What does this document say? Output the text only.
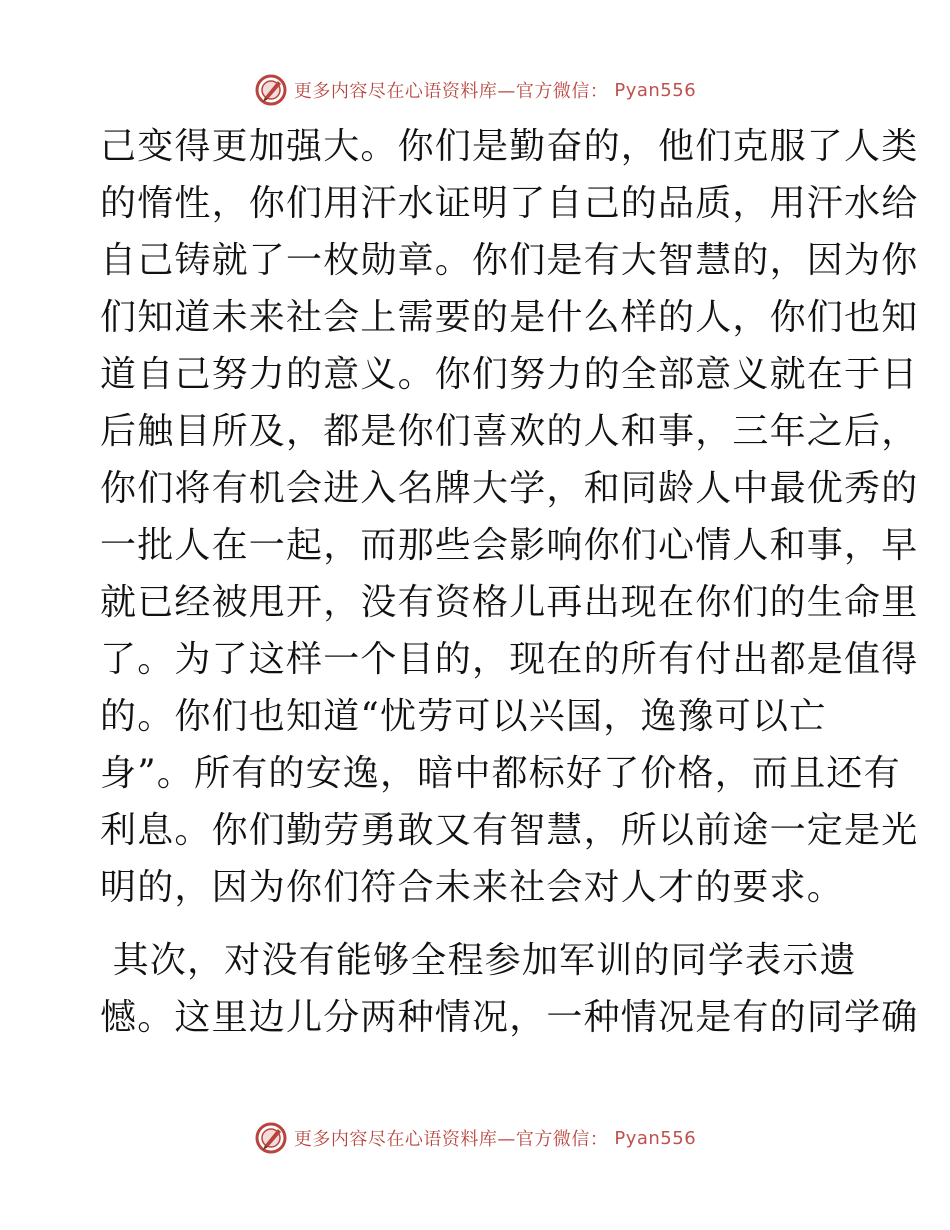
更多内容尽在心语资料库—官方微信： Pyan556
己变得更加强大。你们是勤奋的，他们克服了人类
的惰性，你们用汗水证明了自己的品质，用汗水给
自己铸就了一枚勋章。你们是有大智慧的，因为你
们知道未来社会上需要的是什么样的人，你们也知
道自己努力的意义。你们努力的全部意义就在于日
后触目所及，都是你们喜欢的人和事，三年之后，
你们将有机会进入名牌大学，和同龄人中最优秀的
一批人在一起，而那些会影响你们心情人和事，早
就已经被甩开，没有资格儿再出现在你们的生命里
了。为了这样一个目的，现在的所有付出都是值得
的。你们也知道“忧劳可以兴国，逸豫可以亡
身”。所有的安逸，暗中都标好了价格，而且还有
利息。你们勤劳勇敢又有智慧，所以前途一定是光
明的，因为你们符合未来社会对人才的要求。
其次，对没有能够全程参加军训的同学表示遗
憾。这里边儿分两种情况，一种情况是有的同学确
更多内容尽在心语资料库—官方微信： Pyan556
